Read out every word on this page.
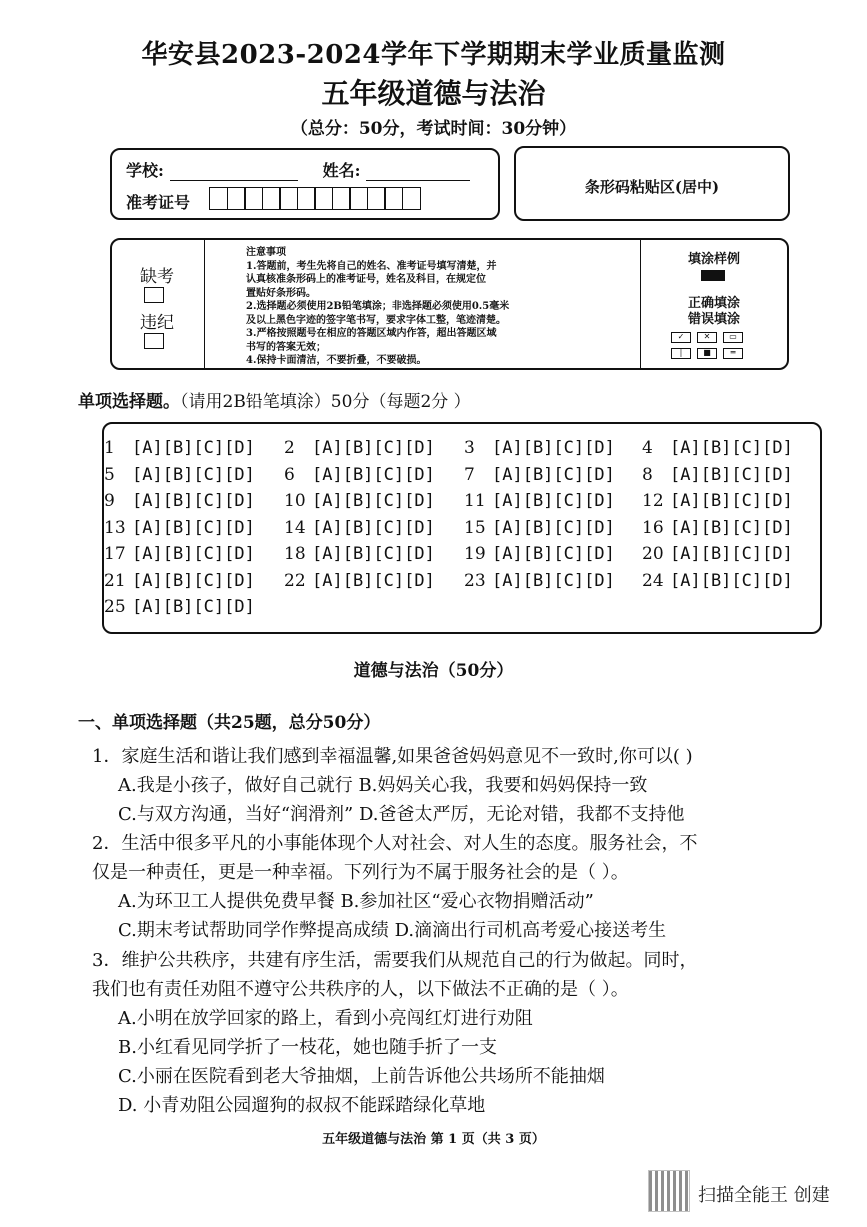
华安县2023-2024学年下学期期末学业质量监测
五年级道德与法治
（总分：50分，考试时间：30分钟）
学校:	姓名:
准考证号
条形码粘贴区(居中)
缺考
违纪
注意事项
1.答题前，考生先将自己的姓名、准考证号填写清楚，并
认真核准条形码上的准考证号，姓名及科目，在规定位
置贴好条形码。
2.选择题必须使用2B铅笔填涂；非选择题必须使用0.5毫米
及以上黑色字迹的签字笔书写，要求字体工整，笔迹清楚。
3.严格按照题号在相应的答题区域内作答，超出答题区域
书写的答案无效；
4.保持卡面清洁，不要折叠，不要破损。
填涂样例
正确填涂
错误填涂
✓	✕	▭
│	■	═
单项选择题。（请用2B铅笔填涂）50分（每题2分 ）
1 [A][B][C][D] 2 [A][B][C][D] 3 [A][B][C][D] 4 [A][B][C][D]
5 [A][B][C][D] 6 [A][B][C][D] 7 [A][B][C][D] 8 [A][B][C][D]
9 [A][B][C][D] 10 [A][B][C][D] 11 [A][B][C][D] 12 [A][B][C][D]
13 [A][B][C][D] 14 [A][B][C][D] 15 [A][B][C][D] 16 [A][B][C][D]
17 [A][B][C][D] 18 [A][B][C][D] 19 [A][B][C][D] 20 [A][B][C][D]
21 [A][B][C][D] 22 [A][B][C][D] 23 [A][B][C][D] 24 [A][B][C][D]
25 [A][B][C][D]
道德与法治（50分）
一、单项选择题（共25题，总分50分）
1．家庭生活和谐让我们感到幸福温馨,如果爸爸妈妈意见不一致时,你可以( )
A.我是小孩子，做好自己就行 B.妈妈关心我，我要和妈妈保持一致
C.与双方沟通，当好“润滑剂” D.爸爸太严厉，无论对错，我都不支持他
2．生活中很多平凡的小事能体现个人对社会、对人生的态度。服务社会，不
仅是一种责任，更是一种幸福。下列行为不属于服务社会的是（ ）。
A.为环卫工人提供免费早餐 B.参加社区“爱心衣物捐赠活动”
C.期末考试帮助同学作弊提高成绩 D.滴滴出行司机高考爱心接送考生
3．维护公共秩序，共建有序生活，需要我们从规范自己的行为做起。同时，
我们也有责任劝阻不遵守公共秩序的人，以下做法不正确的是（ ）。
A.小明在放学回家的路上，看到小亮闯红灯进行劝阻
B.小红看见同学折了一枝花，她也随手折了一支
C.小丽在医院看到老大爷抽烟，上前告诉他公共场所不能抽烟
D. 小青劝阻公园遛狗的叔叔不能踩踏绿化草地
五年级道德与法治 第 1 页（共 3 页）
扫描全能王 创建
